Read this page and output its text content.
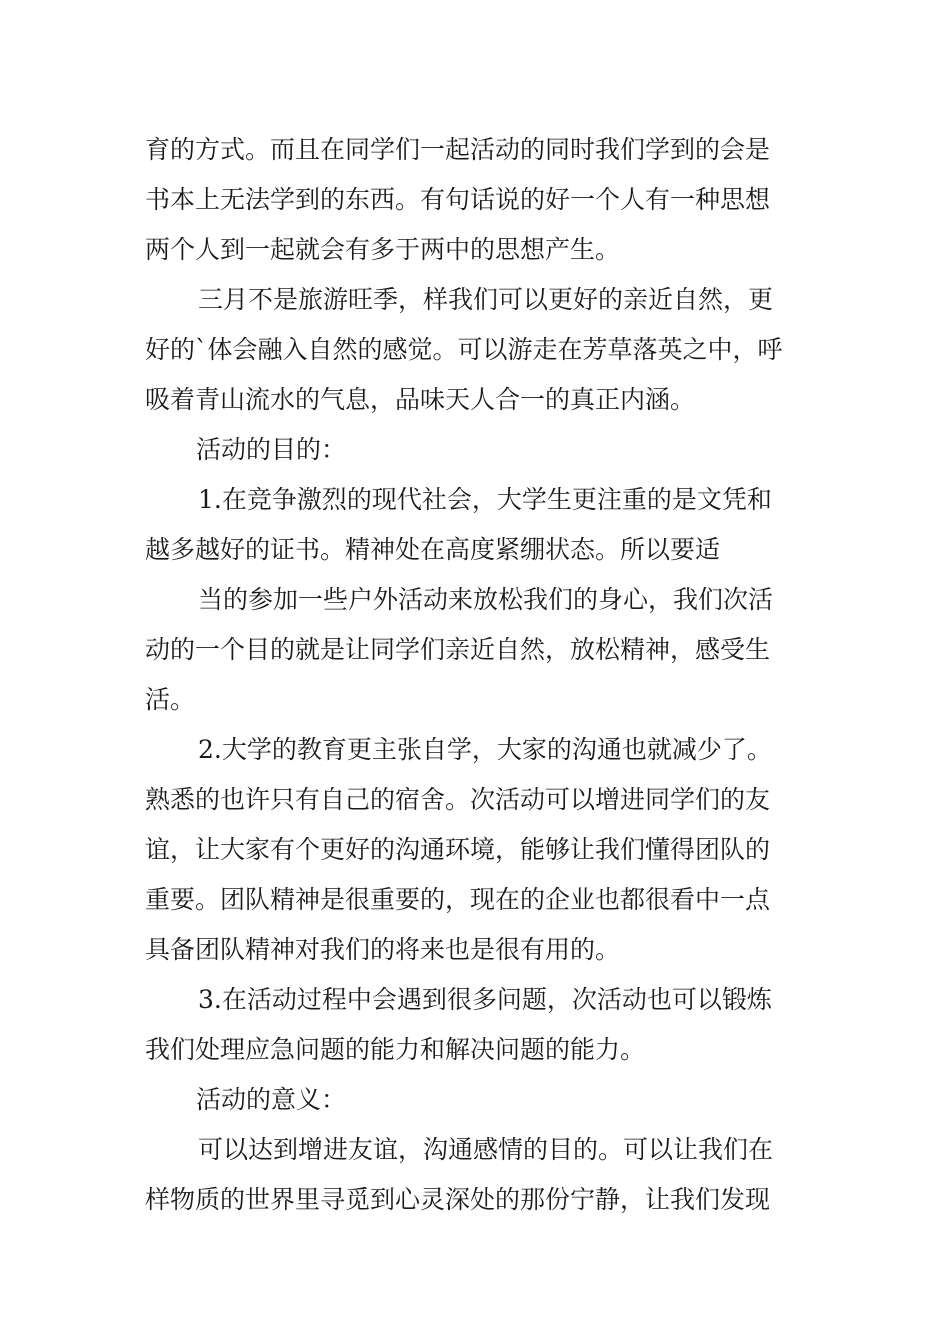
育的方式。而且在同学们一起活动的同时我们学到的会是
书本上无法学到的东西。有句话说的好一个人有一种思想
两个人到一起就会有多于两中的思想产生。
三月不是旅游旺季，样我们可以更好的亲近自然，更
好的`体会融入自然的感觉。可以游走在芳草落英之中，呼
吸着青山流水的气息，品味天人合一的真正内涵。
活动的目的：
1.在竞争激烈的现代社会，大学生更注重的是文凭和
越多越好的证书。精神处在高度紧绷状态。所以要适
当的参加一些户外活动来放松我们的身心，我们次活
动的一个目的就是让同学们亲近自然，放松精神，感受生
活。
2.大学的教育更主张自学，大家的沟通也就减少了。
熟悉的也许只有自己的宿舍。次活动可以增进同学们的友
谊，让大家有个更好的沟通环境，能够让我们懂得团队的
重要。团队精神是很重要的，现在的企业也都很看中一点
具备团队精神对我们的将来也是很有用的。
3.在活动过程中会遇到很多问题，次活动也可以锻炼
我们处理应急问题的能力和解决问题的能力。
活动的意义：
可以达到增进友谊，沟通感情的目的。可以让我们在
样物质的世界里寻觅到心灵深处的那份宁静，让我们发现
